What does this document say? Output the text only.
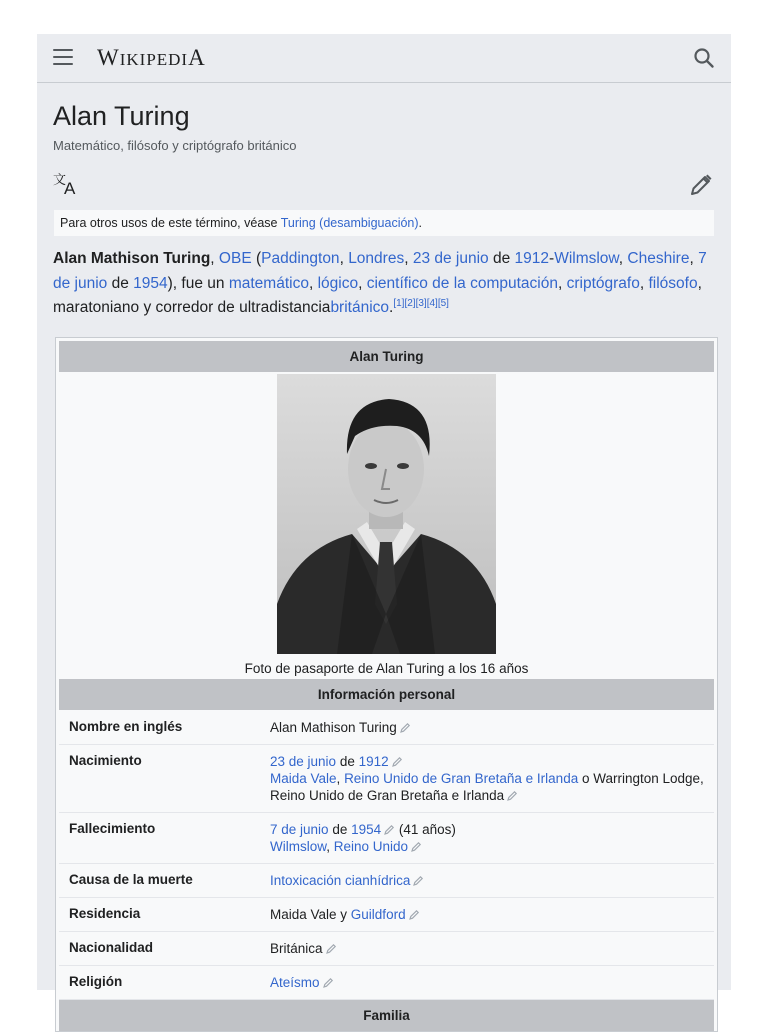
WIKIPEDIA
Alan Turing
Matemático, filósofo y criptógrafo británico
文
A
Para otros usos de este término, véase Turing (desambiguación).

Alan Mathison Turing, OBE (Paddington, Londres, 23 de junio de 1912-Wilmslow, Cheshire, 7 de junio de 1954), fue un matemático, lógico, científico de la computación, criptógrafo, filósofo, maratoniano y corredor de ultradistanciabritánico.[1][2][3][4][5]

Alan Turing
Foto de pasaporte de Alan Turing a los 16 años
Información personal
Nombre en inglés	Alan Mathison Turing
Nacimiento	23 de junio de 1912
Maida Vale, Reino Unido de Gran Bretaña e Irlanda o Warrington Lodge, Reino Unido de Gran Bretaña e Irlanda
Fallecimiento	7 de junio de 1954 (41 años)
Wilmslow, Reino Unido
Causa de la muerte	Intoxicación cianhídrica
Residencia	Maida Vale y Guildford
Nacionalidad	Británica
Religión	Ateísmo
Familia
